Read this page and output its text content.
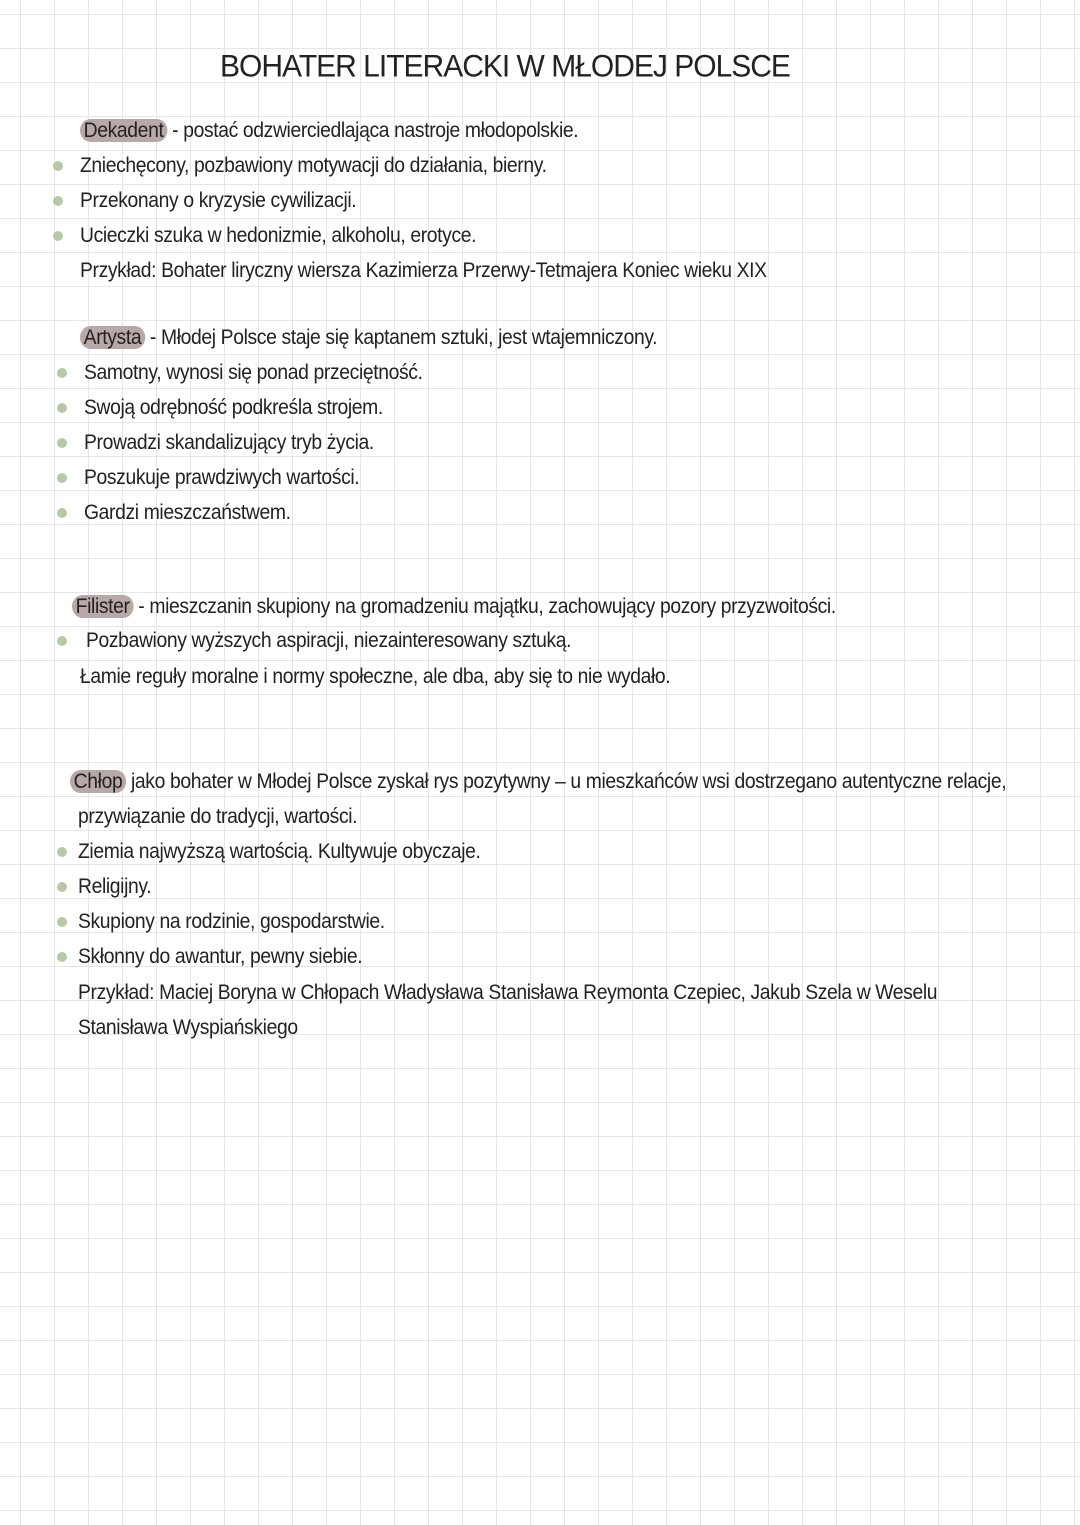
BOHATER LITERACKI W MŁODEJ POLSCE
Dekadent - postać odzwierciedlająca nastroje młodopolskie.
Zniechęcony, pozbawiony motywacji do działania, bierny.
Przekonany o kryzysie cywilizacji.
Ucieczki szuka w hedonizmie, alkoholu, erotyce.
Przykład: Bohater liryczny wiersza Kazimierza Przerwy-Tetmajera Koniec wieku XIX
Artysta - Młodej Polsce staje się kaptanem sztuki, jest wtajemniczony.
Samotny, wynosi się ponad przeciętność.
Swoją odrębność podkreśla strojem.
Prowadzi skandalizujący tryb życia.
Poszukuje prawdziwych wartości.
Gardzi mieszczaństwem.
Filister - mieszczanin skupiony na gromadzeniu majątku, zachowujący pozory przyzwoitości.
Pozbawiony wyższych aspiracji, niezainteresowany sztuką.
Łamie reguły moralne i normy społeczne, ale dba, aby się to nie wydało.
Chłop jako bohater w Młodej Polsce zyskał rys pozytywny – u mieszkańców wsi dostrzegano autentyczne relacje,
przywiązanie do tradycji, wartości.
Ziemia najwyższą wartością. Kultywuje obyczaje.
Religijny.
Skupiony na rodzinie, gospodarstwie.
Skłonny do awantur, pewny siebie.
Przykład: Maciej Boryna w Chłopach Władysława Stanisława Reymonta Czepiec, Jakub Szela w Weselu
Stanisława Wyspiańskiego
